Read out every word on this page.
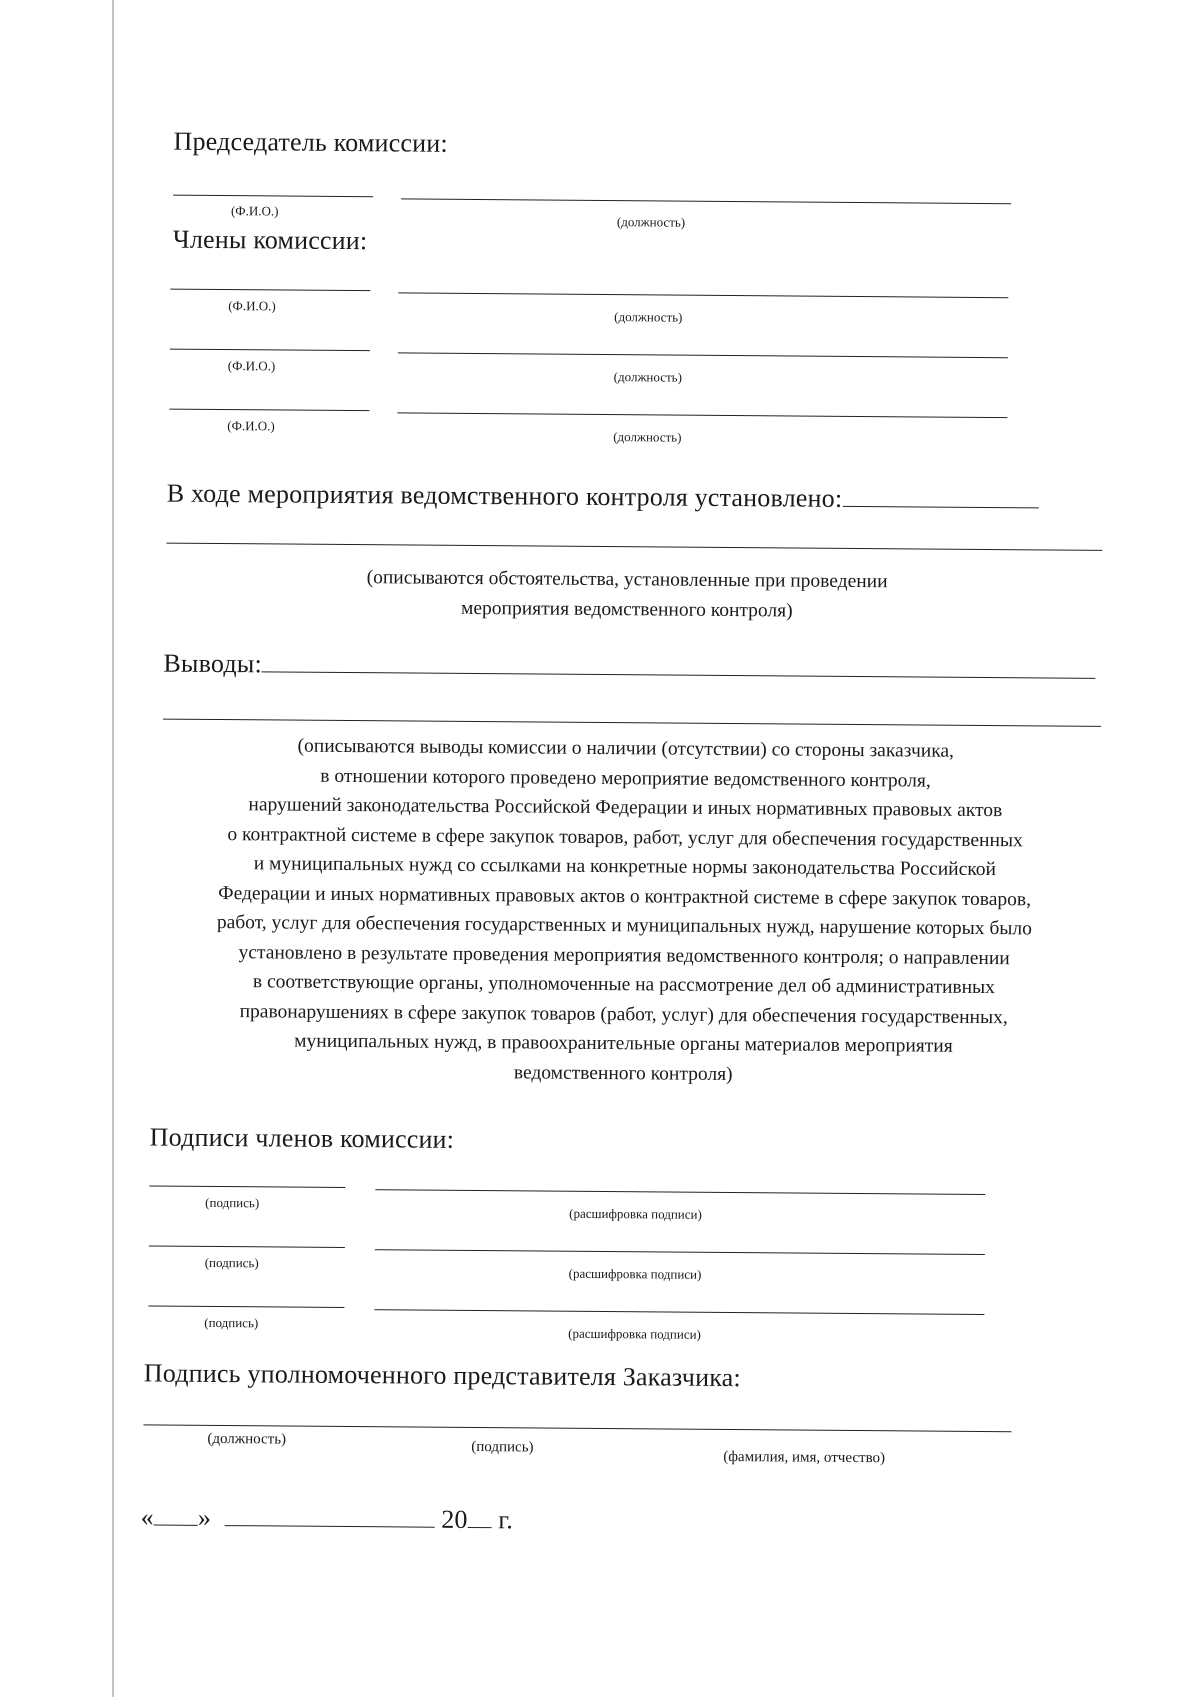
Председатель комиссии:
(Ф.И.О.)
(должность)
Члены комиссии:
(Ф.И.О.)
(должность)
(Ф.И.О.)
(должность)
(Ф.И.О.)
(должность)
В ходе мероприятия ведомственного контроля установлено:
(описываются обстоятельства, установленные при проведении
мероприятия ведомственного контроля)
Выводы:
(описываются выводы комиссии о наличии (отсутствии) со стороны заказчика,
в отношении которого проведено мероприятие ведомственного контроля,
нарушений законодательства Российской Федерации и иных нормативных правовых актов
о контрактной системе в сфере закупок товаров, работ, услуг для обеспечения государственных
и муниципальных нужд со ссылками на конкретные нормы законодательства Российской
Федерации и иных нормативных правовых актов о контрактной системе в сфере закупок товаров,
работ, услуг для обеспечения государственных и муниципальных нужд, нарушение которых было
установлено в результате проведения мероприятия ведомственного контроля; о направлении
в соответствующие органы, уполномоченные на рассмотрение дел об административных
правонарушениях в сфере закупок товаров (работ, услуг) для обеспечения государственных,
муниципальных нужд, в правоохранительные органы материалов мероприятия
ведомственного контроля)
Подписи членов комиссии:
(подпись)
(расшифровка подписи)
(подпись)
(расшифровка подписи)
(подпись)
(расшифровка подписи)
Подпись уполномоченного представителя Заказчика:
(должность)	(подпись)
(фамилия, имя, отчество)
« »	20 г.
